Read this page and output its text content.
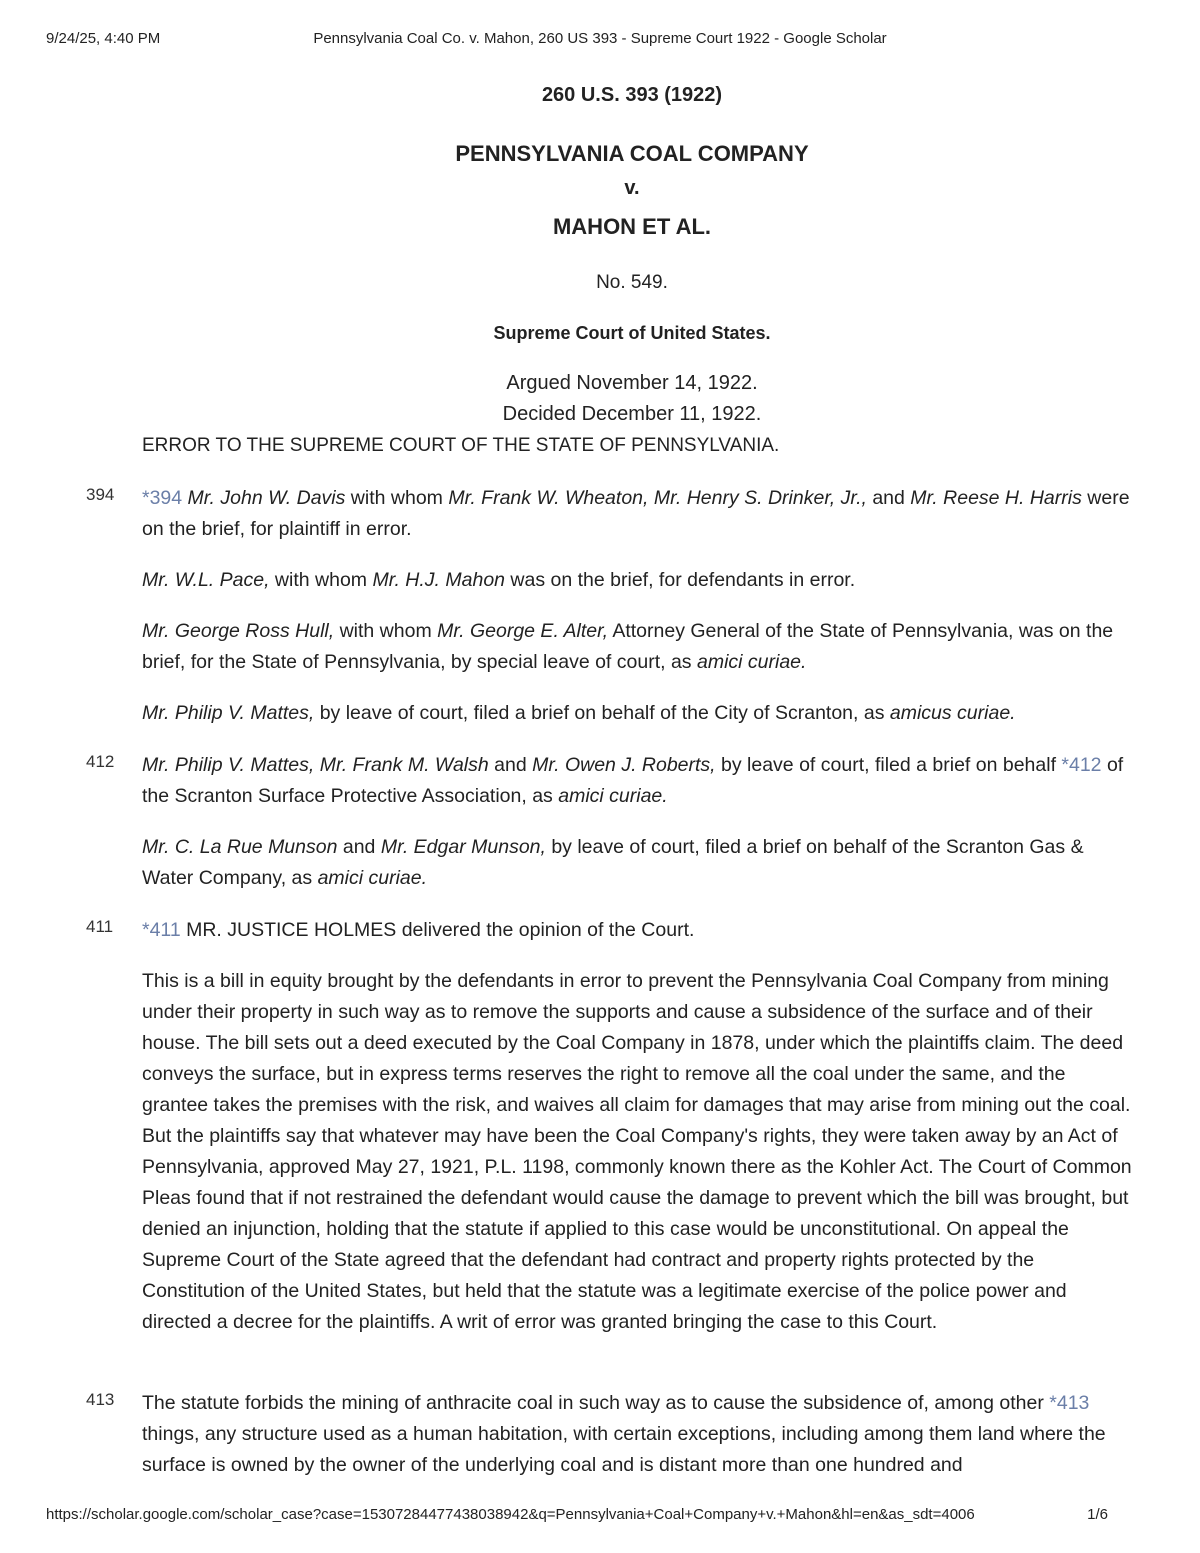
9/24/25, 4:40 PM	Pennsylvania Coal Co. v. Mahon, 260 US 393 - Supreme Court 1922 - Google Scholar
260 U.S. 393 (1922)
PENNSYLVANIA COAL COMPANY
v.
MAHON ET AL.
No. 549.
Supreme Court of United States.
Argued November 14, 1922.
Decided December 11, 1922.
ERROR TO THE SUPREME COURT OF THE STATE OF PENNSYLVANIA.

394 *394 Mr. John W. Davis with whom Mr. Frank W. Wheaton, Mr. Henry S. Drinker, Jr., and Mr. Reese H. Harris were on the brief, for plaintiff in error.

Mr. W.L. Pace, with whom Mr. H.J. Mahon was on the brief, for defendants in error.

Mr. George Ross Hull, with whom Mr. George E. Alter, Attorney General of the State of Pennsylvania, was on the brief, for the State of Pennsylvania, by special leave of court, as amici curiae.

Mr. Philip V. Mattes, by leave of court, filed a brief on behalf of the City of Scranton, as amicus curiae.

412 Mr. Philip V. Mattes, Mr. Frank M. Walsh and Mr. Owen J. Roberts, by leave of court, filed a brief on behalf *412 of the Scranton Surface Protective Association, as amici curiae.

Mr. C. La Rue Munson and Mr. Edgar Munson, by leave of court, filed a brief on behalf of the Scranton Gas & Water Company, as amici curiae.

411 *411 MR. JUSTICE HOLMES delivered the opinion of the Court.

This is a bill in equity brought by the defendants in error to prevent the Pennsylvania Coal Company from mining under their property in such way as to remove the supports and cause a subsidence of the surface and of their house. The bill sets out a deed executed by the Coal Company in 1878, under which the plaintiffs claim. The deed conveys the surface, but in express terms reserves the right to remove all the coal under the same, and the grantee takes the premises with the risk, and waives all claim for damages that may arise from mining out the coal. But the plaintiffs say that whatever may have been the Coal Company's rights, they were taken away by an Act of Pennsylvania, approved May 27, 1921, P.L. 1198, commonly known there as the Kohler Act. The Court of Common Pleas found that if not restrained the defendant would cause the damage to prevent which the bill was brought, but denied an injunction, holding that the statute if applied to this case would be unconstitutional. On appeal the Supreme Court of the State agreed that the defendant had contract and property rights protected by the Constitution of the United States, but held that the statute was a legitimate exercise of the police power and directed a decree for the plaintiffs. A writ of error was granted bringing the case to this Court.

413 The statute forbids the mining of anthracite coal in such way as to cause the subsidence of, among other *413 things, any structure used as a human habitation, with certain exceptions, including among them land where the surface is owned by the owner of the underlying coal and is distant more than one hundred and

https://scholar.google.com/scholar_case?case=15307284477438038942&q=Pennsylvania+Coal+Company+v.+Mahon&hl=en&as_sdt=4006	1/6
